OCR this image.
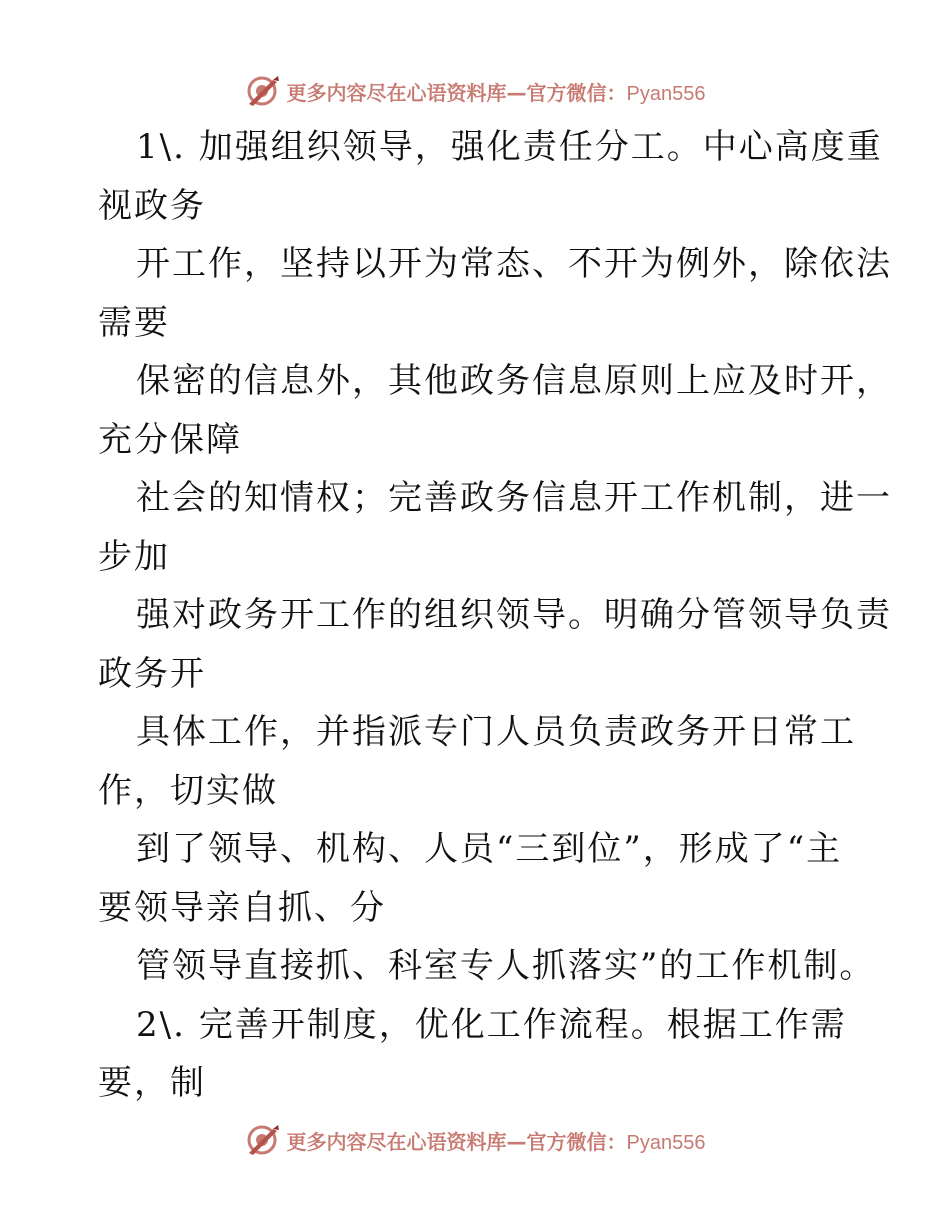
更多内容尽在心语资料库—官方微信：Pyan556
1\. 加强组织领导，强化责任分工。中心高度重
视政务
开工作，坚持以开为常态、不开为例外，除依法
需要
保密的信息外，其他政务信息原则上应及时开，
充分保障
社会的知情权；完善政务信息开工作机制，进一
步加
强对政务开工作的组织领导。明确分管领导负责
政务开
具体工作，并指派专门人员负责政务开日常工
作，切实做
到了领导、机构、人员“三到位”，形成了“主
要领导亲自抓、分
管领导直接抓、科室专人抓落实”的工作机制。
2\. 完善开制度，优化工作流程。根据工作需
要，制
更多内容尽在心语资料库—官方微信：Pyan556
